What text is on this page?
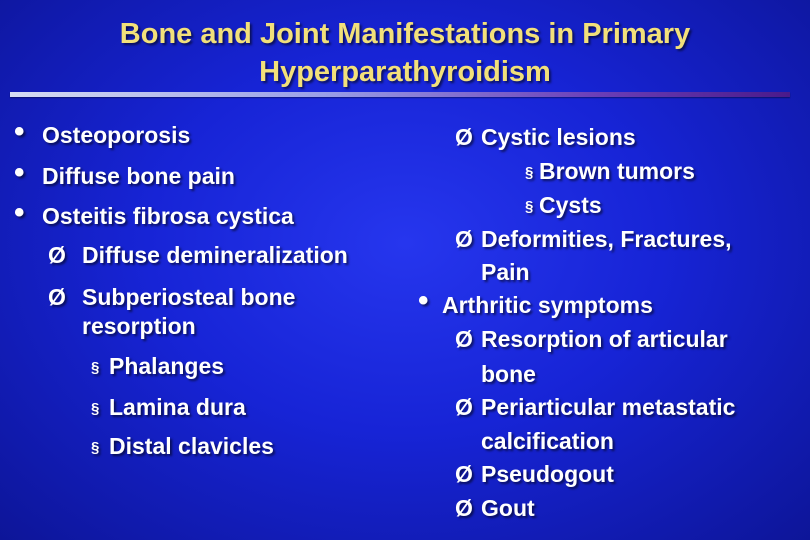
Bone and Joint Manifestations in Primary
Hyperparathyroidism
• Osteoporosis
• Diffuse bone pain
• Osteitis fibrosa cystica
Ø Diffuse demineralization
Ø Subperiosteal bone
resorption
§ Phalanges
§ Lamina dura
§ Distal clavicles
Ø Cystic lesions
§ Brown tumors
§ Cysts
Ø Deformities, Fractures,
Pain
• Arthritic symptoms
Ø Resorption of articular
bone
Ø Periarticular metastatic
calcification
Ø Pseudogout
Ø Gout
